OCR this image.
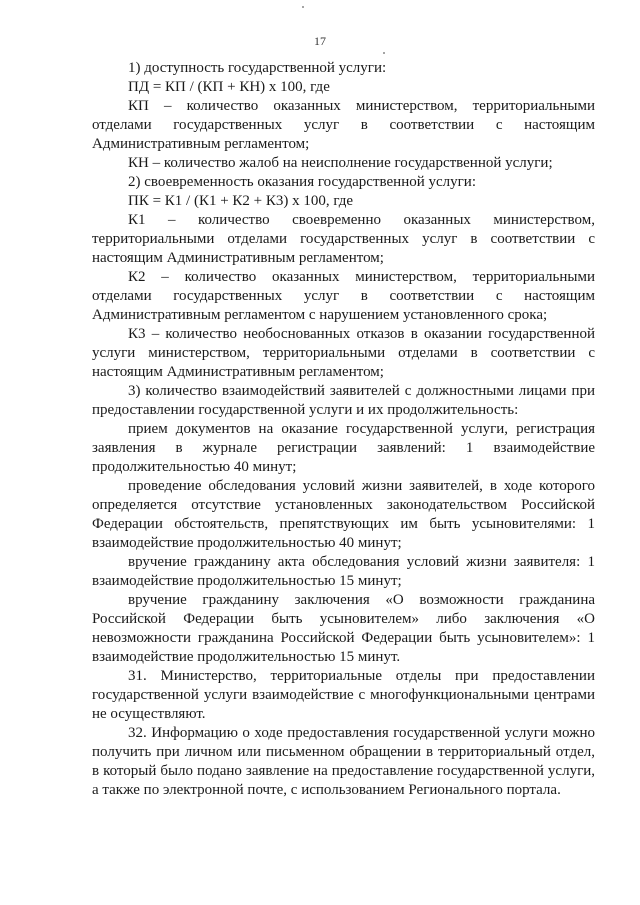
17

1) доступность государственной услуги:

ПД = КП / (КП + КН) х 100, где

КП – количество оказанных министерством, территориальными отделами государственных услуг в соответствии с настоящим Административным регламентом;

КН – количество жалоб на неисполнение государственной услуги;

2) своевременность оказания государственной услуги:

ПК = К1 / (К1 + К2 + К3) х 100, где

К1 – количество своевременно оказанных министерством, территориальными отделами государственных услуг в соответствии с настоящим Административным регламентом;

К2 – количество оказанных министерством, территориальными отделами государственных услуг в соответствии с настоящим Административным регламентом с нарушением установленного срока;

К3 – количество необоснованных отказов в оказании государственной услуги министерством, территориальными отделами в соответствии с настоящим Административным регламентом;

3) количество взаимодействий заявителей с должностными лицами при предоставлении государственной услуги и их продолжительность:

прием документов на оказание государственной услуги, регистрация заявления в журнале регистрации заявлений: 1 взаимодействие продолжительностью 40 минут;

проведение обследования условий жизни заявителей, в ходе которого определяется отсутствие установленных законодательством Российской Федерации обстоятельств, препятствующих им быть усыновителями: 1 взаимодействие продолжительностью 40 минут;

вручение гражданину акта обследования условий жизни заявителя: 1 взаимодействие продолжительностью 15 минут;

вручение гражданину заключения «О возможности гражданина Российской Федерации быть усыновителем» либо заключения «О невозможности гражданина Российской Федерации быть усыновителем»: 1 взаимодействие продолжительностью 15 минут.

31. Министерство, территориальные отделы при предоставлении государственной услуги взаимодействие с многофункциональными центрами не осуществляют.

32. Информацию о ходе предоставления государственной услуги можно получить при личном или письменном обращении в территориальный отдел, в который было подано заявление на предоставление государственной услуги, а также по электронной почте, с использованием Регионального портала.
